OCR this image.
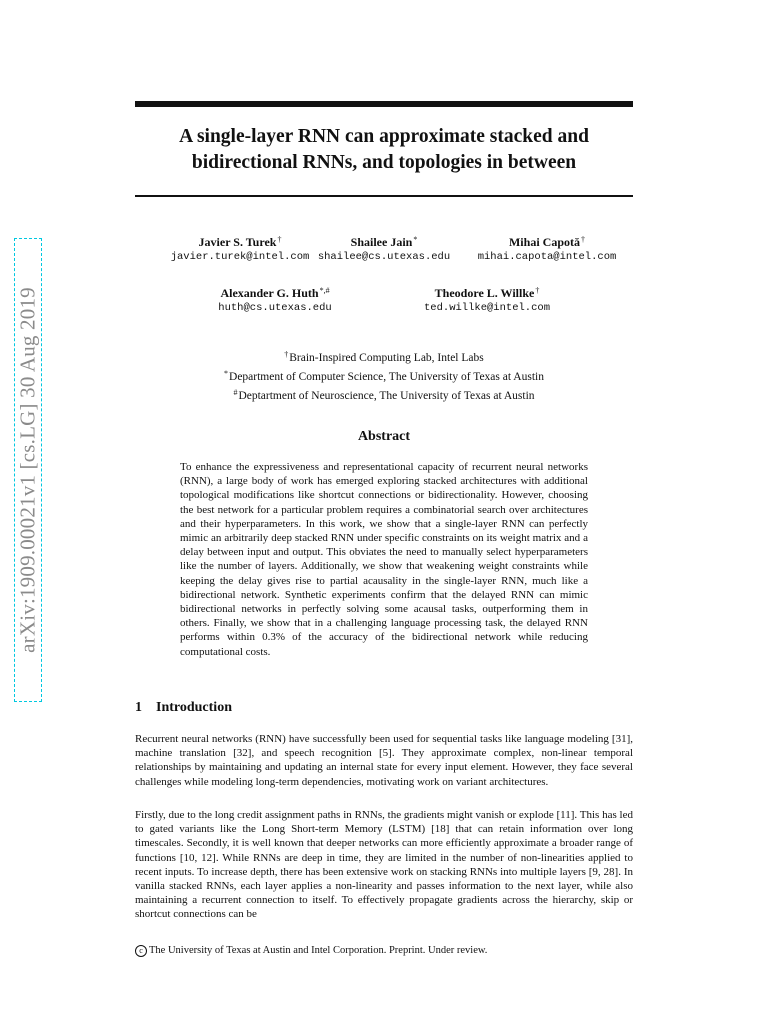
arXiv:1909.00021v1 [cs.LG] 30 Aug 2019
A single-layer RNN can approximate stacked and
bidirectional RNNs, and topologies in between
Javier S. Turek†
javier.turek@intel.com
Shailee Jain*
shailee@cs.utexas.edu
Mihai Capotă†
mihai.capota@intel.com
Alexander G. Huth*,#
huth@cs.utexas.edu
Theodore L. Willke†
ted.willke@intel.com
†Brain-Inspired Computing Lab, Intel Labs
*Department of Computer Science, The University of Texas at Austin
#Deptartment of Neuroscience, The University of Texas at Austin
Abstract
To enhance the expressiveness and representational capacity of recurrent neural networks (RNN), a large body of work has emerged exploring stacked architectures with additional topological modifications like shortcut connections or bidirectionality. However, choosing the best network for a particular problem requires a combinatorial search over architectures and their hyperparameters. In this work, we show that a single-layer RNN can perfectly mimic an arbitrarily deep stacked RNN under specific constraints on its weight matrix and a delay between input and output. This obviates the need to manually select hyperparameters like the number of layers. Additionally, we show that weakening weight constraints while keeping the delay gives rise to partial acausality in the single-layer RNN, much like a bidirectional network. Synthetic experiments confirm that the delayed RNN can mimic bidirectional networks in perfectly solving some acausal tasks, outperforming them in others. Finally, we show that in a challenging language processing task, the delayed RNN performs within 0.3% of the accuracy of the bidirectional network while reducing computational costs.
1 Introduction
Recurrent neural networks (RNN) have successfully been used for sequential tasks like language modeling [31], machine translation [32], and speech recognition [5]. They approximate complex, non-linear temporal relationships by maintaining and updating an internal state for every input element. However, they face several challenges while modeling long-term dependencies, motivating work on variant architectures.
Firstly, due to the long credit assignment paths in RNNs, the gradients might vanish or explode [11]. This has led to gated variants like the Long Short-term Memory (LSTM) [18] that can retain information over long timescales. Secondly, it is well known that deeper networks can more efficiently approximate a broader range of functions [10, 12]. While RNNs are deep in time, they are limited in the number of non-linearities applied to recent inputs. To increase depth, there has been extensive work on stacking RNNs into multiple layers [9, 28]. In vanilla stacked RNNs, each layer applies a non-linearity and passes information to the next layer, while also maintaining a recurrent connection to itself. To effectively propagate gradients across the hierarchy, skip or shortcut connections can be
c The University of Texas at Austin and Intel Corporation. Preprint. Under review.
